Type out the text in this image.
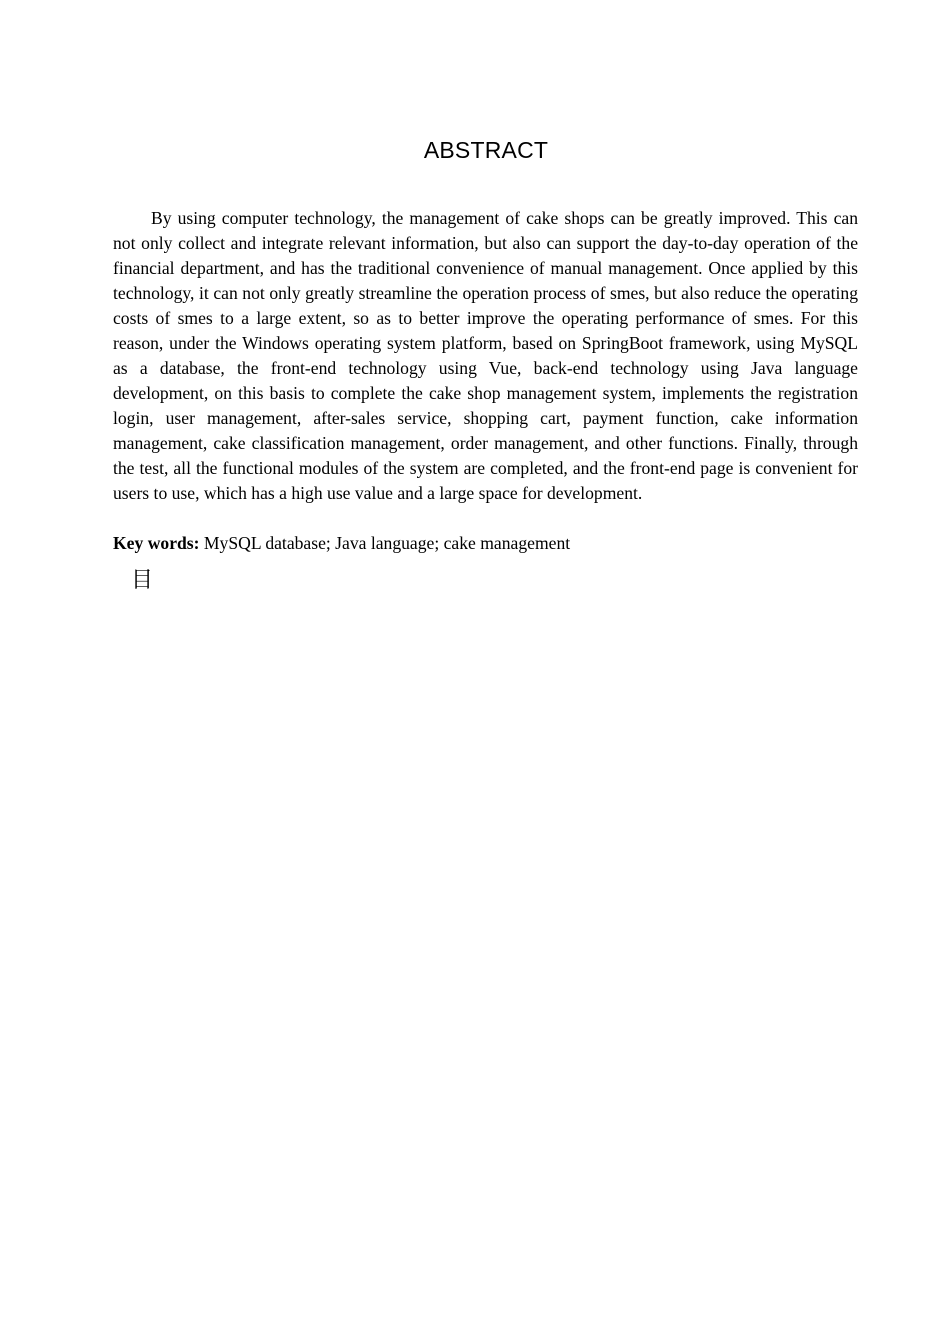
ABSTRACT

By using computer technology, the management of cake shops can be greatly improved. This can not only collect and integrate relevant information, but also can support the day-to-day operation of the financial department, and has the traditional convenience of manual management. Once applied by this technology, it can not only greatly streamline the operation process of smes, but also reduce the operating costs of smes to a large extent, so as to better improve the operating performance of smes. For this reason, under the Windows operating system platform, based on SpringBoot framework, using MySQL as a database, the front-end technology using Vue, back-end technology using Java language development, on this basis to complete the cake shop management system, implements the registration login, user management, after-sales service, shopping cart, payment function, cake information management, cake classification management, order management, and other functions. Finally, through the test, all the functional modules of the system are completed, and the front-end page is convenient for users to use, which has a high use value and a large space for development.

Key words: MySQL database; Java language; cake management

目
